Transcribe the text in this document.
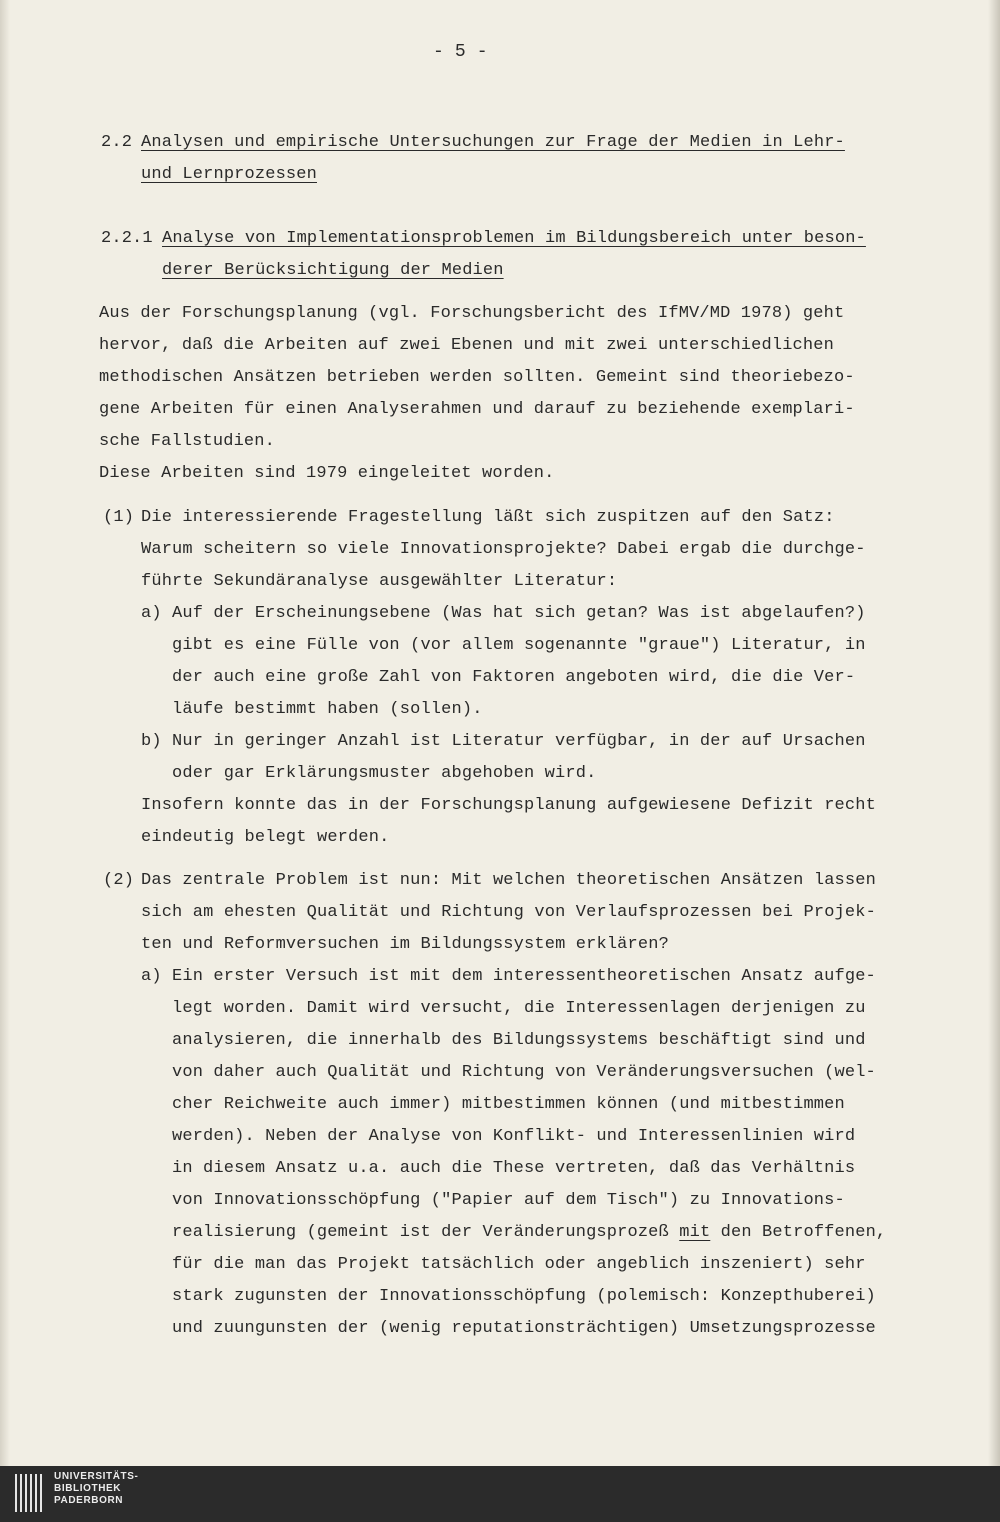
- 5 -

2.2 Analysen und empirische Untersuchungen zur Frage der Medien in Lehr-

und Lernprozessen

2.2.1 Analyse von Implementationsproblemen im Bildungsbereich unter beson-

derer Berücksichtigung der Medien

Aus der Forschungsplanung (vgl. Forschungsbericht des IfMV/MD 1978) geht

hervor, daß die Arbeiten auf zwei Ebenen und mit zwei unterschiedlichen

methodischen Ansätzen betrieben werden sollten. Gemeint sind theoriebezo-

gene Arbeiten für einen Analyserahmen und darauf zu beziehende exemplari-

sche Fallstudien.

Diese Arbeiten sind 1979 eingeleitet worden.

(1) Die interessierende Fragestellung läßt sich zuspitzen auf den Satz:

Warum scheitern so viele Innovationsprojekte? Dabei ergab die durchge-

führte Sekundäranalyse ausgewählter Literatur:

a) Auf der Erscheinungsebene (Was hat sich getan? Was ist abgelaufen?)

gibt es eine Fülle von (vor allem sogenannte "graue") Literatur, in

der auch eine große Zahl von Faktoren angeboten wird, die die Ver-

läufe bestimmt haben (sollen).

b) Nur in geringer Anzahl ist Literatur verfügbar, in der auf Ursachen

oder gar Erklärungsmuster abgehoben wird.

Insofern konnte das in der Forschungsplanung aufgewiesene Defizit recht

eindeutig belegt werden.

(2) Das zentrale Problem ist nun: Mit welchen theoretischen Ansätzen lassen

sich am ehesten Qualität und Richtung von Verlaufsprozessen bei Projek-

ten und Reformversuchen im Bildungssystem erklären?

a) Ein erster Versuch ist mit dem interessentheoretischen Ansatz aufge-

legt worden. Damit wird versucht, die Interessenlagen derjenigen zu

analysieren, die innerhalb des Bildungssystems beschäftigt sind und

von daher auch Qualität und Richtung von Veränderungsversuchen (wel-

cher Reichweite auch immer) mitbestimmen können (und mitbestimmen

werden). Neben der Analyse von Konflikt- und Interessenlinien wird

in diesem Ansatz u.a. auch die These vertreten, daß das Verhältnis

von Innovationsschöpfung ("Papier auf dem Tisch") zu Innovations-

realisierung (gemeint ist der Veränderungsprozeß mit den Betroffenen,

für die man das Projekt tatsächlich oder angeblich inszeniert) sehr

stark zugunsten der Innovationsschöpfung (polemisch: Konzepthuberei)

und zuungunsten der (wenig reputationsträchtigen) Umsetzungsprozesse

UNIVERSITÄTS-

BIBLIOTHEK

PADERBORN
